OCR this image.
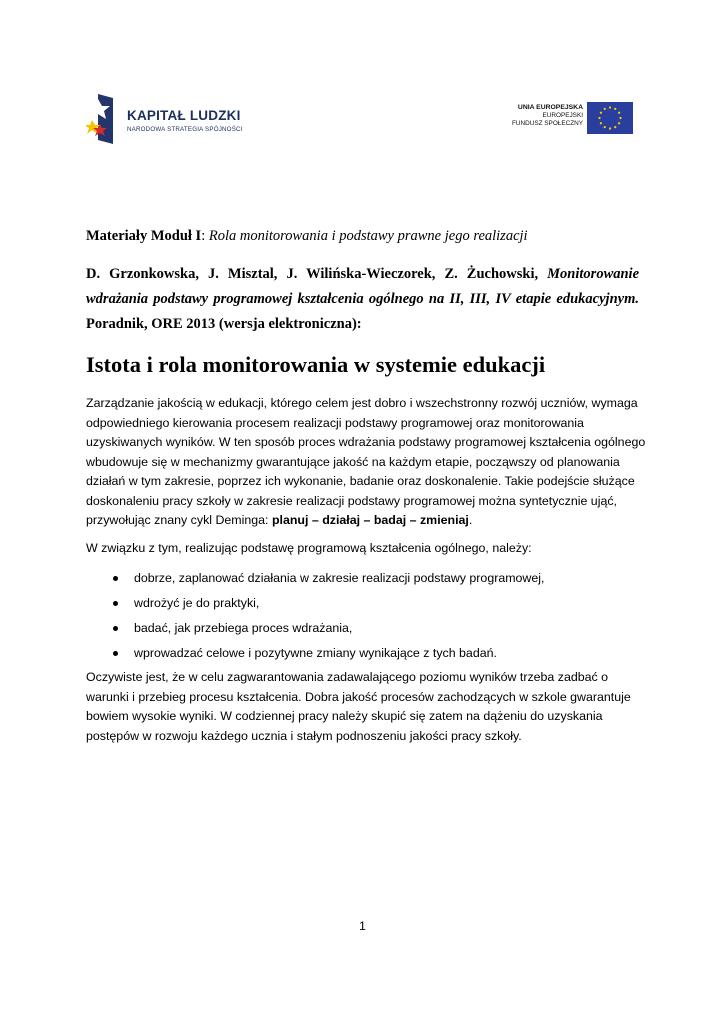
KAPITAŁ LUDZKI
NARODOWA STRATEGIA SPÓJNOŚCI
UNIA EUROPEJSKA
EUROPEJSKI
FUNDUSZ SPOŁECZNY
Materiały Moduł I: Rola monitorowania i podstawy prawne jego realizacji
D. Grzonkowska, J. Misztal, J. Wilińska-Wieczorek, Z. Żuchowski, Monitorowanie wdrażania podstawy programowej kształcenia ogólnego na II, III, IV etapie edukacyjnym. Poradnik, ORE 2013 (wersja elektroniczna):
Istota i rola monitorowania w systemie edukacji

Zarządzanie jakością w edukacji, którego celem jest dobro i wszechstronny rozwój uczniów, wymaga odpowiedniego kierowania procesem realizacji podstawy programowej oraz monitorowania uzyskiwanych wyników. W ten sposób proces wdrażania podstawy programowej kształcenia ogólnego wbudowuje się w mechanizmy gwarantujące jakość na każdym etapie, począwszy od planowania działań w tym zakresie, poprzez ich wykonanie, badanie oraz doskonalenie. Takie podejście służące doskonaleniu pracy szkoły w zakresie realizacji podstawy programowej można syntetycznie ująć, przywołując znany cykl Deminga: planuj – działaj – badaj – zmieniaj.

W związku z tym, realizując podstawę programową kształcenia ogólnego, należy:

dobrze, zaplanować działania w zakresie realizacji podstawy programowej,
wdrożyć je do praktyki,
badać, jak przebiega proces wdrażania,
wprowadzać celowe i pozytywne zmiany wynikające z tych badań.

Oczywiste jest, że w celu zagwarantowania zadawalającego poziomu wyników trzeba zadbać o warunki i przebieg procesu kształcenia. Dobra jakość procesów zachodzących w szkole gwarantuje bowiem wysokie wyniki. W codziennej pracy należy skupić się zatem na dążeniu do uzyskania postępów w rozwoju każdego ucznia i stałym podnoszeniu jakości pracy szkoły.

1
